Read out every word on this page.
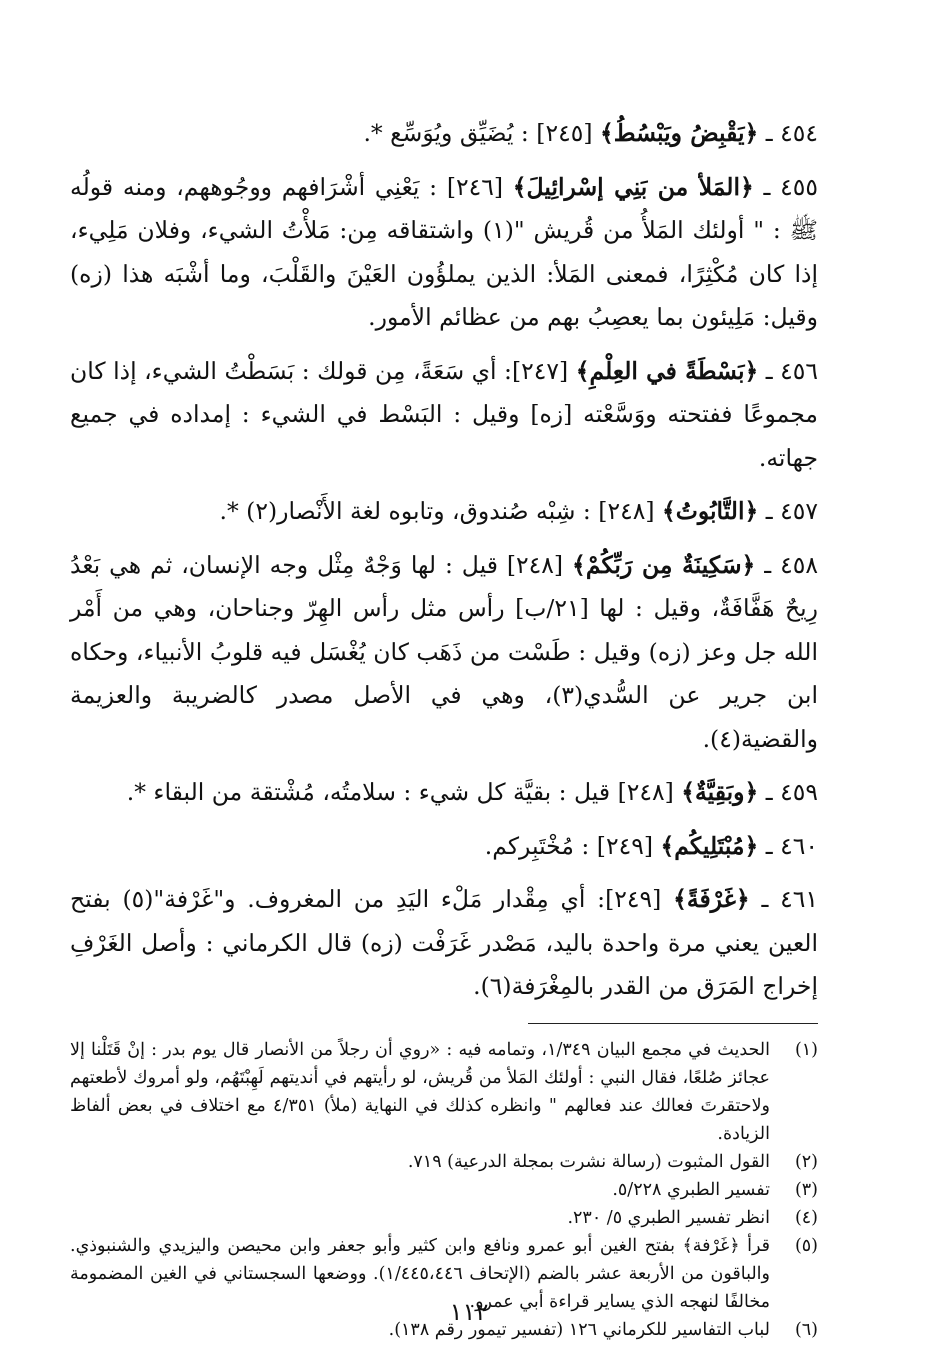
٤٥٤ ـ ﴿يَقْبِضُ ويَبْسُطُ﴾ [٢٤٥] : يُضَيِّق ويُوَسِّع *.

٤٥٥ ـ ﴿المَلأ من بَنِي إسْرائِيلَ﴾ [٢٤٦] : يَعْنِي أشْرَافهم ووجُوههم، ومنه قولُه ﷺ : " أولئك المَلأُ من قُريش "(١) واشتقاقه مِن: مَلأْتُ الشيء، وفلان مَلِيء، إذا كان مُكْثِرًا، فمعنى المَلأ: الذين يملؤُون العَيْنَ والقَلْبَ، وما أشْبَه هذا (زه) وقيل: مَلِيئون بما يعصِبُ بهم من عظائم الأمور.

٤٥٦ ـ ﴿بَسْطَةً في العِلْمِ﴾ [٢٤٧]: أي سَعَةً، مِن قولك : بَسَطْتُ الشيء، إذا كان مجموعًا ففتحته ووَسَّعْته [زه] وقيل : البَسْط في الشيء : إمداده في جميع جهاته.

٤٥٧ ـ ﴿التَّابُوتُ﴾ [٢٤٨] : شِبْه صُندوق، وتابوه لغة الأَنْصار(٢) *.

٤٥٨ ـ ﴿سَكِينَةٌ مِن رَبِّكُمْ﴾ [٢٤٨] قيل : لها وَجْهٌ مِثْل وجه الإنسان، ثم هي بَعْدُ رِيحٌ هَفَّافَةٌ، وقيل : لها [٢١/ب] رأس مثل رأس الهِرّ وجناحان، وهي من أَمْر الله جل وعز (زه) وقيل : طَسْت من ذَهَب كان يُغْسَل فيه قلوبُ الأنبياء، وحكاه ابن جرير عن السُّدي(٣)، وهي في الأصل مصدر كالضريبة والعزيمة والقضية(٤).

٤٥٩ ـ ﴿وبَقِيَّةٌ﴾ [٢٤٨] قيل : بقيَّة كل شيء : سلامتُه، مُشْتقة من البقاء *.

٤٦٠ ـ ﴿مُبْتَلِيكُم﴾ [٢٤٩] : مُخْتَبِركم.

٤٦١ ـ ﴿غَرْفَةً﴾ [٢٤٩]: أي مِقْدار مَلْء اليَدِ من المغروف. و"غَرْفة"(٥) بفتح العين يعني مرة واحدة باليد، مَصْدر غَرَفْت (زه) قال الكرماني : وأصل الغَرْفِ إخراج المَرَق من القدر بالمِغْرَفة(٦).

(١)
الحديث في مجمع البيان ١/٣٤٩، وتمامه فيه : «روي أن رجلاً من الأنصار قال يوم بدر : إنْ قَتَلْنا إلا عجائز صُلعًا، فقال النبي : أولئك المَلأ من قُريش، لو رأيتهم في أنديتهم لَهِبْتَهُم، ولو أمروك لأطعتهم ولاحتقرتَ فعالك عند فعالهم " وانظره كذلك في النهاية (ملأ) ٤/٣٥١ مع اختلاف في بعض ألفاظ الزيادة.
(٢)
القول المثبوت (رسالة نشرت بمجلة الدرعية) ٧١٩.
(٣)
تفسير الطبري ٥/٢٢٨.
(٤)
انظر تفسير الطبري ٥/ ٢٣٠.
(٥)
قرأ ﴿غَرْفة﴾ بفتح الغين أبو عمرو ونافع وابن كثير وأبو جعفر وابن محيصن واليزيدي والشنبوذي. والباقون من الأربعة عشر بالضم (الإتحاف ١/٤٤٥،٤٤٦). ووضعها السجستاني في الغين المضمومة مخالفًا لنهجه الذي يساير قراءة أبي عمرو.
(٦)
لباب التفاسير للكرماني ١٢٦ (تفسير تيمور رقم ١٣٨).
١١٢
